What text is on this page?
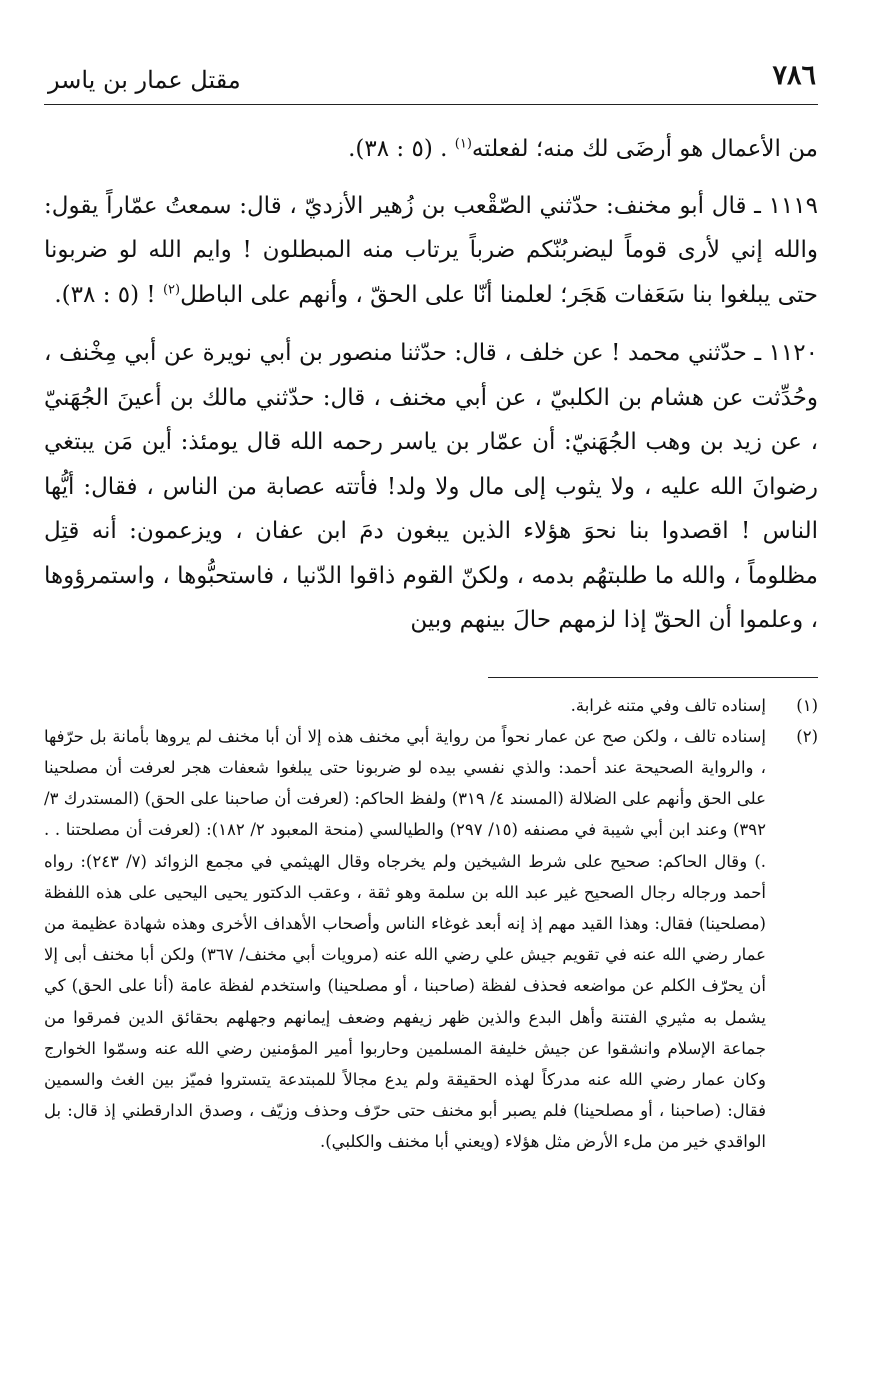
٧٨٦
مقتل عمار بن ياسر

من الأعمال هو أرضَى لك منه؛ لفعلته$^{(١)}$ . (٥ : ٣٨).

١١١٩ ـ قال أبو مخنف: حدّثني الصّقْعب بن زُهير الأزديّ ، قال: سمعتُ عمّاراً يقول: والله إني لأرى قوماً ليضربُنّكم ضرباً يرتاب منه المبطلون ! وايم الله لو ضربونا حتى يبلغوا بنا سَعَفات هَجَر؛ لعلمنا أنّا على الحقّ ، وأنهم على الباطل$^{(٢)}$ ! (٥ : ٣٨).

١١٢٠ ـ حدّثني محمد ! عن خلف ، قال: حدّثنا منصور بن أبي نويرة عن أبي مِخْنف ، وحُدِّثت عن هشام بن الكلبيّ ، عن أبي مخنف ، قال: حدّثني مالك بن أعينَ الجُهَنيّ ، عن زيد بن وهب الجُهَنيّ: أن عمّار بن ياسر رحمه الله قال يومئذ: أين مَن يبتغي رضوانَ الله عليه ، ولا يثوب إلى مال ولا ولد! فأتته عصابة من الناس ، فقال: أيُّها الناس ! اقصدوا بنا نحوَ هؤلاء الذين يبغون دمَ ابن عفان ، ويزعمون: أنه قتِل مظلوماً ، والله ما طلبتهُم بدمه ، ولكنّ القوم ذاقوا الدّنيا ، فاستحبُّوها ، واستمرؤوها ، وعلموا أن الحقّ إذا لزمهم حالَ بينهم وبين

(١)
إسناده تالف وفي متنه غرابة.
(٢)
إسناده تالف ، ولكن صح عن عمار نحواً من رواية أبي مخنف هذه إلا أن أبا مخنف لم يروها بأمانة بل حرّفها ، والرواية الصحيحة عند أحمد: والذي نفسي بيده لو ضربونا حتى يبلغوا شعفات هجر لعرفت أن مصلحينا على الحق وأنهم على الضلالة (المسند ٤/ ٣١٩) ولفظ الحاكم: (لعرفت أن صاحبنا على الحق) (المستدرك ٣/ ٣٩٢) وعند ابن أبي شيبة في مصنفه (١٥/ ٢٩٧) والطيالسي (منحة المعبود ٢/ ١٨٢): (لعرفت أن مصلحتنا . . .) وقال الحاكم: صحيح على شرط الشيخين ولم يخرجاه وقال الهيثمي في مجمع الزوائد (٧/ ٢٤٣): رواه أحمد ورجاله رجال الصحيح غير عبد الله بن سلمة وهو ثقة ، وعقب الدكتور يحيى اليحيى على هذه اللفظة (مصلحينا) فقال: وهذا القيد مهم إذ إنه أبعد غوغاء الناس وأصحاب الأهداف الأخرى وهذه شهادة عظيمة من عمار رضي الله عنه في تقويم جيش علي رضي الله عنه (مرويات أبي مخنف/ ٣٦٧) ولكن أبا مخنف أبى إلا أن يحرّف الكلم عن مواضعه فحذف لفظة (صاحبنا ، أو مصلحينا) واستخدم لفظة عامة (أنا على الحق) كي يشمل به مثيري الفتنة وأهل البدع والذين ظهر زيفهم وضعف إيمانهم وجهلهم بحقائق الدين فمرقوا من جماعة الإسلام وانشقوا عن جيش خليفة المسلمين وحاربوا أمير المؤمنين رضي الله عنه وسمّوا الخوارج وكان عمار رضي الله عنه مدركاً لهذه الحقيقة ولم يدع مجالاً للمبتدعة يتستروا فميّز بين الغث والسمين فقال: (صاحبنا ، أو مصلحينا) فلم يصبر أبو مخنف حتى حرّف وحذف وزيّف ، وصدق الدارقطني إذ قال: بل الواقدي خير من ملء الأرض مثل هؤلاء (ويعني أبا مخنف والكلبي).
